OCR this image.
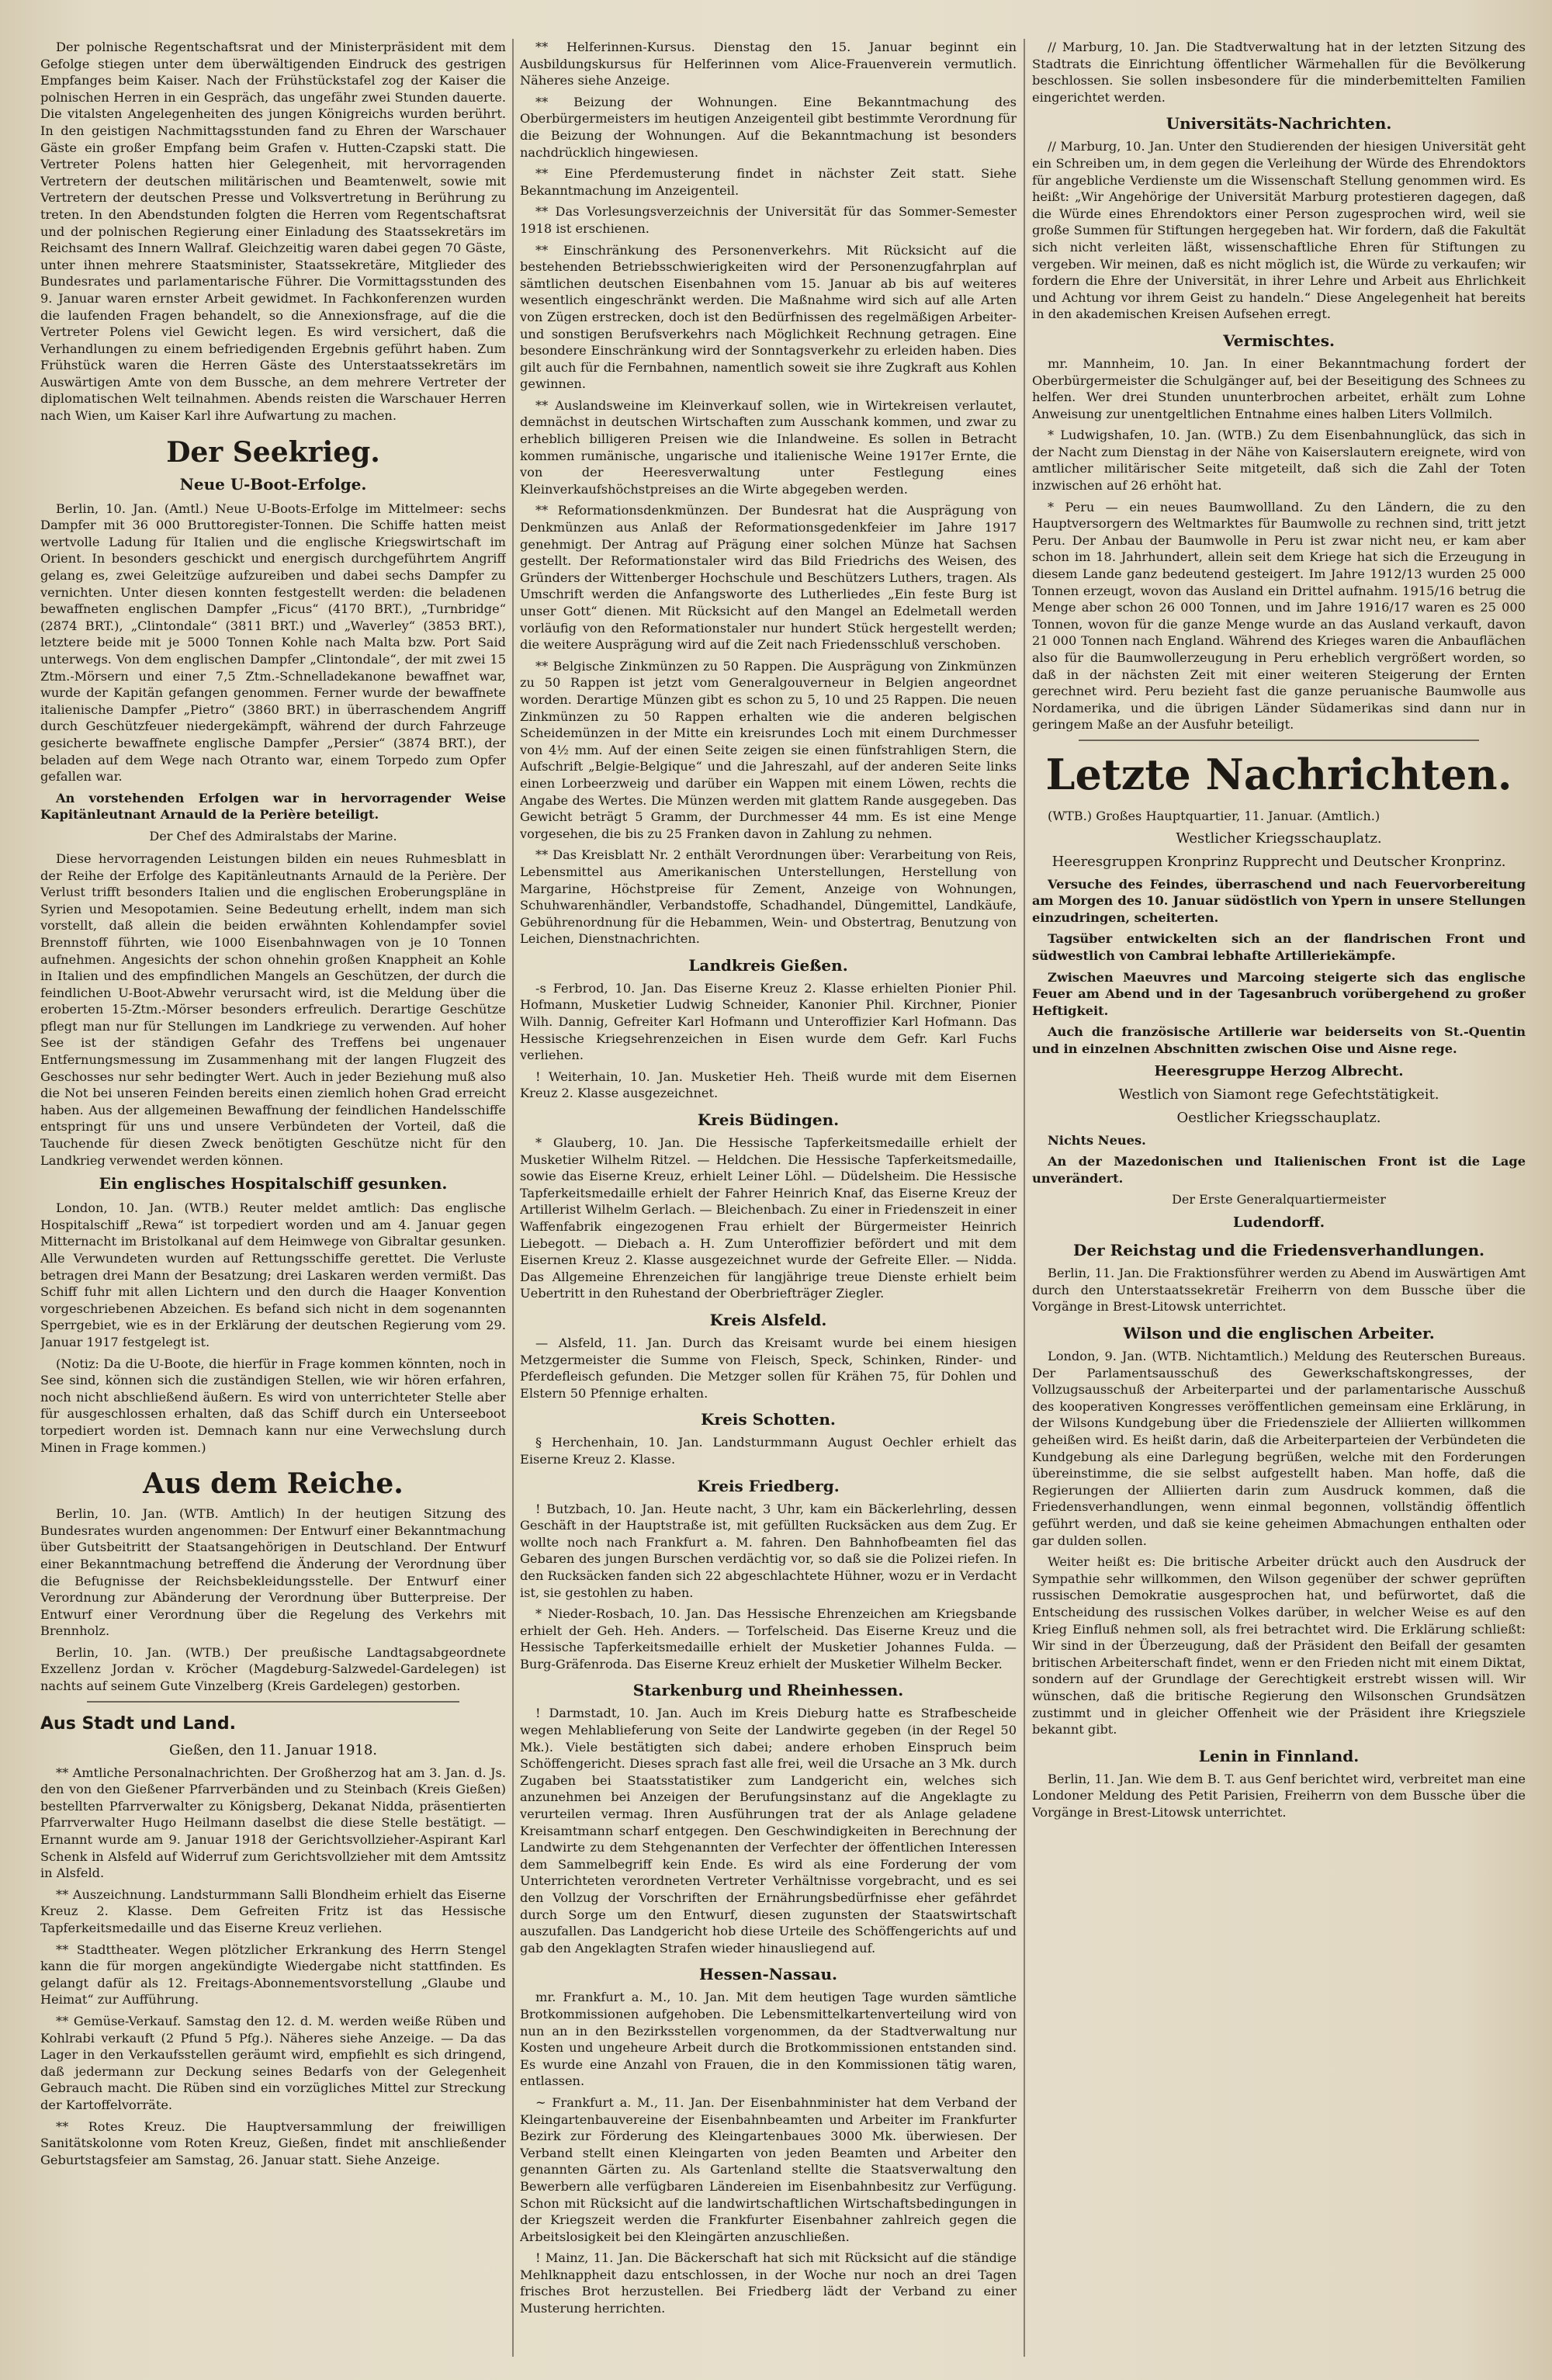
Der polnische Regentschaftsrat und der Ministerpräsident mit dem Gefolge stiegen unter dem überwältigenden Eindruck des gestrigen Empfanges beim Kaiser. Nach der Frühstückstafel zog der Kaiser die polnischen Herren in ein Gespräch, das ungefähr zwei Stunden dauerte. Die vitalsten Angelegenheiten des jungen Königreichs wurden berührt. In den geistigen Nachmittagsstunden fand zu Ehren der Warschauer Gäste ein großer Empfang beim Grafen v. Hutten-Czapski statt. Die Vertreter Polens hatten hier Gelegenheit, mit hervorragenden Vertretern der deutschen militärischen und Beamtenwelt, sowie mit Vertretern der deutschen Presse und Volksvertretung in Berührung zu treten. In den Abendstunden folgten die Herren vom Regentschaftsrat und der polnischen Regierung einer Einladung des Staatssekretärs im Reichsamt des Innern Wallraf. Gleichzeitig waren dabei gegen 70 Gäste, unter ihnen mehrere Staatsminister, Staatssekretäre, Mitglieder des Bundesrates und parlamentarische Führer. Die Vormittagsstunden des 9. Januar waren ernster Arbeit gewidmet. In Fachkonferenzen wurden die laufenden Fragen behandelt, so die Annexionsfrage, auf die die Vertreter Polens viel Gewicht legen. Es wird versichert, daß die Verhandlungen zu einem befriedigenden Ergebnis geführt haben. Zum Frühstück waren die Herren Gäste des Unterstaatssekretärs im Auswärtigen Amte von dem Bussche, an dem mehrere Vertreter der diplomatischen Welt teilnahmen. Abends reisten die Warschauer Herren nach Wien, um Kaiser Karl ihre Aufwartung zu machen.

Der Seekrieg.
Neue U-Boot-Erfolge.

Berlin, 10. Jan. (Amtl.) Neue U-Boots-Erfolge im Mittelmeer: sechs Dampfer mit 36 000 Bruttoregister-Tonnen. Die Schiffe hatten meist wertvolle Ladung für Italien und die englische Kriegswirtschaft im Orient. In besonders geschickt und energisch durchgeführtem Angriff gelang es, zwei Geleitzüge aufzureiben und dabei sechs Dampfer zu vernichten. Unter diesen konnten festgestellt werden: die beladenen bewaffneten englischen Dampfer „Ficus“ (4170 BRT.), „Turnbridge“ (2874 BRT.), „Clintondale“ (3811 BRT.) und „Waverley“ (3853 BRT.), letztere beide mit je 5000 Tonnen Kohle nach Malta bzw. Port Said unterwegs. Von dem englischen Dampfer „Clintondale“, der mit zwei 15 Ztm.-Mörsern und einer 7,5 Ztm.-Schnelladekanone bewaffnet war, wurde der Kapitän gefangen genommen. Ferner wurde der bewaffnete italienische Dampfer „Pietro“ (3860 BRT.) in überraschendem Angriff durch Geschützfeuer niedergekämpft, während der durch Fahrzeuge gesicherte bewaffnete englische Dampfer „Persier“ (3874 BRT.), der beladen auf dem Wege nach Otranto war, einem Torpedo zum Opfer gefallen war.

An vorstehenden Erfolgen war in hervorragender Weise Kapitänleutnant Arnauld de la Perière beteiligt.

Der Chef des Admiralstabs der Marine.

Diese hervorragenden Leistungen bilden ein neues Ruhmesblatt in der Reihe der Erfolge des Kapitänleutnants Arnauld de la Perière. Der Verlust trifft besonders Italien und die englischen Eroberungspläne in Syrien und Mesopotamien. Seine Bedeutung erhellt, indem man sich vorstellt, daß allein die beiden erwähnten Kohlendampfer soviel Brennstoff führten, wie 1000 Eisenbahnwagen von je 10 Tonnen aufnehmen. Angesichts der schon ohnehin großen Knappheit an Kohle in Italien und des empfindlichen Mangels an Geschützen, der durch die feindlichen U-Boot-Abwehr verursacht wird, ist die Meldung über die eroberten 15-Ztm.-Mörser besonders erfreulich. Derartige Geschütze pflegt man nur für Stellungen im Landkriege zu verwenden. Auf hoher See ist der ständigen Gefahr des Treffens bei ungenauer Entfernungsmessung im Zusammenhang mit der langen Flugzeit des Geschosses nur sehr bedingter Wert. Auch in jeder Beziehung muß also die Not bei unseren Feinden bereits einen ziemlich hohen Grad erreicht haben. Aus der allgemeinen Bewaffnung der feindlichen Handelsschiffe entspringt für uns und unsere Verbündeten der Vorteil, daß die Tauchende für diesen Zweck benötigten Geschütze nicht für den Landkrieg verwendet werden können.

Ein englisches Hospitalschiff gesunken.

London, 10. Jan. (WTB.) Reuter meldet amtlich: Das englische Hospitalschiff „Rewa“ ist torpediert worden und am 4. Januar gegen Mitternacht im Bristolkanal auf dem Heimwege von Gibraltar gesunken. Alle Verwundeten wurden auf Rettungsschiffe gerettet. Die Verluste betragen drei Mann der Besatzung; drei Laskaren werden vermißt. Das Schiff fuhr mit allen Lichtern und den durch die Haager Konvention vorgeschriebenen Abzeichen. Es befand sich nicht in dem sogenannten Sperrgebiet, wie es in der Erklärung der deutschen Regierung vom 29. Januar 1917 festgelegt ist.

(Notiz: Da die U-Boote, die hierfür in Frage kommen könnten, noch in See sind, können sich die zuständigen Stellen, wie wir hören erfahren, noch nicht abschließend äußern. Es wird von unterrichteter Stelle aber für ausgeschlossen erhalten, daß das Schiff durch ein Unterseeboot torpediert worden ist. Demnach kann nur eine Verwechslung durch Minen in Frage kommen.)

Aus dem Reiche.

Berlin, 10. Jan. (WTB. Amtlich) In der heutigen Sitzung des Bundesrates wurden angenommen: Der Entwurf einer Bekanntmachung über Gutsbeitritt der Staatsangehörigen in Deutschland. Der Entwurf einer Bekanntmachung betreffend die Änderung der Verordnung über die Befugnisse der Reichsbekleidungsstelle. Der Entwurf einer Verordnung zur Abänderung der Verordnung über Butterpreise. Der Entwurf einer Verordnung über die Regelung des Verkehrs mit Brennholz.

Berlin, 10. Jan. (WTB.) Der preußische Landtagsabgeordnete Exzellenz Jordan v. Kröcher (Magdeburg-Salzwedel-Gardelegen) ist nachts auf seinem Gute Vinzelberg (Kreis Gardelegen) gestorben.

Aus Stadt und Land.
Gießen, den 11. Januar 1918.

** Amtliche Personalnachrichten. Der Großherzog hat am 3. Jan. d. Js. den von den Gießener Pfarrverbänden und zu Steinbach (Kreis Gießen) bestellten Pfarrverwalter zu Königsberg, Dekanat Nidda, präsentierten Pfarrverwalter Hugo Heilmann daselbst die diese Stelle bestätigt. — Ernannt wurde am 9. Januar 1918 der Gerichtsvollzieher-Aspirant Karl Schenk in Alsfeld auf Widerruf zum Gerichtsvollzieher mit dem Amtssitz in Alsfeld.

** Auszeichnung. Landsturmmann Salli Blondheim erhielt das Eiserne Kreuz 2. Klasse. Dem Gefreiten Fritz ist das Hessische Tapferkeitsmedaille und das Eiserne Kreuz verliehen.

** Stadttheater. Wegen plötzlicher Erkrankung des Herrn Stengel kann die für morgen angekündigte Wiedergabe nicht stattfinden. Es gelangt dafür als 12. Freitags-Abonnementsvorstellung „Glaube und Heimat“ zur Aufführung.

** Gemüse-Verkauf. Samstag den 12. d. M. werden weiße Rüben und Kohlrabi verkauft (2 Pfund 5 Pfg.). Näheres siehe Anzeige. — Da das Lager in den Verkaufsstellen geräumt wird, empfiehlt es sich dringend, daß jedermann zur Deckung seines Bedarfs von der Gelegenheit Gebrauch macht. Die Rüben sind ein vorzügliches Mittel zur Streckung der Kartoffelvorräte.

** Rotes Kreuz. Die Hauptversammlung der freiwilligen Sanitätskolonne vom Roten Kreuz, Gießen, findet mit anschließender Geburtstagsfeier am Samstag, 26. Januar statt. Siehe Anzeige.

** Helferinnen-Kursus. Dienstag den 15. Januar beginnt ein Ausbildungskursus für Helferinnen vom Alice-Frauenverein vermutlich. Näheres siehe Anzeige.

** Beizung der Wohnungen. Eine Bekanntmachung des Oberbürgermeisters im heutigen Anzeigenteil gibt bestimmte Verordnung für die Beizung der Wohnungen. Auf die Bekanntmachung ist besonders nachdrücklich hingewiesen.

** Eine Pferdemusterung findet in nächster Zeit statt. Siehe Bekanntmachung im Anzeigenteil.

** Das Vorlesungsverzeichnis der Universität für das Sommer-Semester 1918 ist erschienen.

** Einschränkung des Personenverkehrs. Mit Rücksicht auf die bestehenden Betriebsschwierigkeiten wird der Personenzugfahrplan auf sämtlichen deutschen Eisenbahnen vom 15. Januar ab bis auf weiteres wesentlich eingeschränkt werden. Die Maßnahme wird sich auf alle Arten von Zügen erstrecken, doch ist den Bedürfnissen des regelmäßigen Arbeiter- und sonstigen Berufsverkehrs nach Möglichkeit Rechnung getragen. Eine besondere Einschränkung wird der Sonntagsverkehr zu erleiden haben. Dies gilt auch für die Fernbahnen, namentlich soweit sie ihre Zugkraft aus Kohlen gewinnen.

** Auslandsweine im Kleinverkauf sollen, wie in Wirtekreisen verlautet, demnächst in deutschen Wirtschaften zum Ausschank kommen, und zwar zu erheblich billigeren Preisen wie die Inlandweine. Es sollen in Betracht kommen rumänische, ungarische und italienische Weine 1917er Ernte, die von der Heeresverwaltung unter Festlegung eines Kleinverkaufshöchstpreises an die Wirte abgegeben werden.

** Reformationsdenkmünzen. Der Bundesrat hat die Ausprägung von Denkmünzen aus Anlaß der Reformationsgedenkfeier im Jahre 1917 genehmigt. Der Antrag auf Prägung einer solchen Münze hat Sachsen gestellt. Der Reformationstaler wird das Bild Friedrichs des Weisen, des Gründers der Wittenberger Hochschule und Beschützers Luthers, tragen. Als Umschrift werden die Anfangsworte des Lutherliedes „Ein feste Burg ist unser Gott“ dienen. Mit Rücksicht auf den Mangel an Edelmetall werden vorläufig von den Reformationstaler nur hundert Stück hergestellt werden; die weitere Ausprägung wird auf die Zeit nach Friedensschluß verschoben.

** Belgische Zinkmünzen zu 50 Rappen. Die Ausprägung von Zinkmünzen zu 50 Rappen ist jetzt vom Generalgouverneur in Belgien angeordnet worden. Derartige Münzen gibt es schon zu 5, 10 und 25 Rappen. Die neuen Zinkmünzen zu 50 Rappen erhalten wie die anderen belgischen Scheidemünzen in der Mitte ein kreisrundes Loch mit einem Durchmesser von 4½ mm. Auf der einen Seite zeigen sie einen fünfstrahligen Stern, die Aufschrift „Belgie-Belgique“ und die Jahreszahl, auf der anderen Seite links einen Lorbeerzweig und darüber ein Wappen mit einem Löwen, rechts die Angabe des Wertes. Die Münzen werden mit glattem Rande ausgegeben. Das Gewicht beträgt 5 Gramm, der Durchmesser 44 mm. Es ist eine Menge vorgesehen, die bis zu 25 Franken davon in Zahlung zu nehmen.

** Das Kreisblatt Nr. 2 enthält Verordnungen über: Verarbeitung von Reis, Lebensmittel aus Amerikanischen Unterstellungen, Herstellung von Margarine, Höchstpreise für Zement, Anzeige von Wohnungen, Schuhwarenhändler, Verbandstoffe, Schadhandel, Düngemittel, Landkäufe, Gebührenordnung für die Hebammen, Wein- und Obstertrag, Benutzung von Leichen, Dienstnachrichten.

Landkreis Gießen.

-s Ferbrod, 10. Jan. Das Eiserne Kreuz 2. Klasse erhielten Pionier Phil. Hofmann, Musketier Ludwig Schneider, Kanonier Phil. Kirchner, Pionier Wilh. Dannig, Gefreiter Karl Hofmann und Unteroffizier Karl Hofmann. Das Hessische Kriegsehrenzeichen in Eisen wurde dem Gefr. Karl Fuchs verliehen.

! Weiterhain, 10. Jan. Musketier Heh. Theiß wurde mit dem Eisernen Kreuz 2. Klasse ausgezeichnet.

Kreis Büdingen.

* Glauberg, 10. Jan. Die Hessische Tapferkeitsmedaille erhielt der Musketier Wilhelm Ritzel. — Heldchen. Die Hessische Tapferkeitsmedaille, sowie das Eiserne Kreuz, erhielt Leiner Löhl. — Düdelsheim. Die Hessische Tapferkeitsmedaille erhielt der Fahrer Heinrich Knaf, das Eiserne Kreuz der Artillerist Wilhelm Gerlach. — Bleichenbach. Zu einer in Friedenszeit in einer Waffenfabrik eingezogenen Frau erhielt der Bürgermeister Heinrich Liebegott. — Diebach a. H. Zum Unteroffizier befördert und mit dem Eisernen Kreuz 2. Klasse ausgezeichnet wurde der Gefreite Eller. — Nidda. Das Allgemeine Ehrenzeichen für langjährige treue Dienste erhielt beim Uebertritt in den Ruhestand der Oberbriefträger Ziegler.

Kreis Alsfeld.

— Alsfeld, 11. Jan. Durch das Kreisamt wurde bei einem hiesigen Metzgermeister die Summe von Fleisch, Speck, Schinken, Rinder- und Pferdefleisch gefunden. Die Metzger sollen für Krähen 75, für Dohlen und Elstern 50 Pfennige erhalten.

Kreis Schotten.

§ Herchenhain, 10. Jan. Landsturmmann August Oechler erhielt das Eiserne Kreuz 2. Klasse.

Kreis Friedberg.

! Butzbach, 10. Jan. Heute nacht, 3 Uhr, kam ein Bäckerlehrling, dessen Geschäft in der Hauptstraße ist, mit gefüllten Rucksäcken aus dem Zug. Er wollte noch nach Frankfurt a. M. fahren. Den Bahnhofbeamten fiel das Gebaren des jungen Burschen verdächtig vor, so daß sie die Polizei riefen. In den Rucksäcken fanden sich 22 abgeschlachtete Hühner, wozu er in Verdacht ist, sie gestohlen zu haben.

* Nieder-Rosbach, 10. Jan. Das Hessische Ehrenzeichen am Kriegsbande erhielt der Geh. Heh. Anders. — Torfelscheid. Das Eiserne Kreuz und die Hessische Tapferkeitsmedaille erhielt der Musketier Johannes Fulda. — Burg-Gräfenroda. Das Eiserne Kreuz erhielt der Musketier Wilhelm Becker.

Starkenburg und Rheinhessen.

! Darmstadt, 10. Jan. Auch im Kreis Dieburg hatte es Strafbescheide wegen Mehlablieferung von Seite der Landwirte gegeben (in der Regel 50 Mk.). Viele bestätigten sich dabei; andere erhoben Einspruch beim Schöffengericht. Dieses sprach fast alle frei, weil die Ursache an 3 Mk. durch Zugaben bei Staatsstatistiker zum Landgericht ein, welches sich anzunehmen bei Anzeigen der Berufungsinstanz auf die Angeklagte zu verurteilen vermag. Ihren Ausführungen trat der als Anlage geladene Kreisamtmann scharf entgegen. Den Geschwindigkeiten in Berechnung der Landwirte zu dem Stehgenannten der Verfechter der öffentlichen Interessen dem Sammelbegriff kein Ende. Es wird als eine Forderung der vom Unterrichteten verordneten Vertreter Verhältnisse vorgebracht, und es sei den Vollzug der Vorschriften der Ernährungsbedürfnisse eher gefährdet durch Sorge um den Entwurf, diesen zugunsten der Staatswirtschaft auszufallen. Das Landgericht hob diese Urteile des Schöffengerichts auf und gab den Angeklagten Strafen wieder hinausliegend auf.

Hessen-Nassau.

mr. Frankfurt a. M., 10. Jan. Mit dem heutigen Tage wurden sämtliche Brotkommissionen aufgehoben. Die Lebensmittelkartenverteilung wird von nun an in den Bezirksstellen vorgenommen, da der Stadtverwaltung nur Kosten und ungeheure Arbeit durch die Brotkommissionen entstanden sind. Es wurde eine Anzahl von Frauen, die in den Kommissionen tätig waren, entlassen.

~ Frankfurt a. M., 11. Jan. Der Eisenbahnminister hat dem Verband der Kleingartenbauvereine der Eisenbahnbeamten und Arbeiter im Frankfurter Bezirk zur Förderung des Kleingartenbaues 3000 Mk. überwiesen. Der Verband stellt einen Kleingarten von jeden Beamten und Arbeiter den genannten Gärten zu. Als Gartenland stellte die Staatsverwaltung den Bewerbern alle verfügbaren Ländereien im Eisenbahnbesitz zur Verfügung. Schon mit Rücksicht auf die landwirtschaftlichen Wirtschaftsbedingungen in der Kriegszeit werden die Frankfurter Eisenbahner zahlreich gegen die Arbeitslosigkeit bei den Kleingärten anzuschließen.

! Mainz, 11. Jan. Die Bäckerschaft hat sich mit Rücksicht auf die ständige Mehlknappheit dazu entschlossen, in der Woche nur noch an drei Tagen frisches Brot herzustellen. Bei Friedberg lädt der Verband zu einer Musterung herrichten.

// Marburg, 10. Jan. Die Stadtverwaltung hat in der letzten Sitzung des Stadtrats die Einrichtung öffentlicher Wärmehallen für die Bevölkerung beschlossen. Sie sollen insbesondere für die minderbemittelten Familien eingerichtet werden.

Universitäts-Nachrichten.

// Marburg, 10. Jan. Unter den Studierenden der hiesigen Universität geht ein Schreiben um, in dem gegen die Verleihung der Würde des Ehrendoktors für angebliche Verdienste um die Wissenschaft Stellung genommen wird. Es heißt: „Wir Angehörige der Universität Marburg protestieren dagegen, daß die Würde eines Ehrendoktors einer Person zugesprochen wird, weil sie große Summen für Stiftungen hergegeben hat. Wir fordern, daß die Fakultät sich nicht verleiten läßt, wissenschaftliche Ehren für Stiftungen zu vergeben. Wir meinen, daß es nicht möglich ist, die Würde zu verkaufen; wir fordern die Ehre der Universität, in ihrer Lehre und Arbeit aus Ehrlichkeit und Achtung vor ihrem Geist zu handeln.“ Diese Angelegenheit hat bereits in den akademischen Kreisen Aufsehen erregt.

Vermischtes.

mr. Mannheim, 10. Jan. In einer Bekanntmachung fordert der Oberbürgermeister die Schulgänger auf, bei der Beseitigung des Schnees zu helfen. Wer drei Stunden ununterbrochen arbeitet, erhält zum Lohne Anweisung zur unentgeltlichen Entnahme eines halben Liters Vollmilch.

* Ludwigshafen, 10. Jan. (WTB.) Zu dem Eisenbahnunglück, das sich in der Nacht zum Dienstag in der Nähe von Kaiserslautern ereignete, wird von amtlicher militärischer Seite mitgeteilt, daß sich die Zahl der Toten inzwischen auf 26 erhöht hat.

* Peru — ein neues Baumwollland. Zu den Ländern, die zu den Hauptversorgern des Weltmarktes für Baumwolle zu rechnen sind, tritt jetzt Peru. Der Anbau der Baumwolle in Peru ist zwar nicht neu, er kam aber schon im 18. Jahrhundert, allein seit dem Kriege hat sich die Erzeugung in diesem Lande ganz bedeutend gesteigert. Im Jahre 1912/13 wurden 25 000 Tonnen erzeugt, wovon das Ausland ein Drittel aufnahm. 1915/16 betrug die Menge aber schon 26 000 Tonnen, und im Jahre 1916/17 waren es 25 000 Tonnen, wovon für die ganze Menge wurde an das Ausland verkauft, davon 21 000 Tonnen nach England. Während des Krieges waren die Anbauflächen also für die Baumwollerzeugung in Peru erheblich vergrößert worden, so daß in der nächsten Zeit mit einer weiteren Steigerung der Ernten gerechnet wird. Peru bezieht fast die ganze peruanische Baumwolle aus Nordamerika, und die übrigen Länder Südamerikas sind dann nur in geringem Maße an der Ausfuhr beteiligt.

Letzte Nachrichten.

(WTB.) Großes Hauptquartier, 11. Januar. (Amtlich.)

Westlicher Kriegsschauplatz.
Heeresgruppen Kronprinz Rupprecht und Deutscher Kronprinz.

Versuche des Feindes, überraschend und nach Feuervorbereitung am Morgen des 10. Januar südöstlich von Ypern in unsere Stellungen einzudringen, scheiterten.

Tagsüber entwickelten sich an der flandrischen Front und südwestlich von Cambrai lebhafte Artilleriekämpfe.

Zwischen Maeuvres und Marcoing steigerte sich das englische Feuer am Abend und in der Tagesanbruch vorübergehend zu großer Heftigkeit.

Auch die französische Artillerie war beiderseits von St.-Quentin und in einzelnen Abschnitten zwischen Oise und Aisne rege.

Heeresgruppe Herzog Albrecht.
Westlich von Siamont rege Gefechtstätigkeit.
Oestlicher Kriegsschauplatz.

Nichts Neues.

An der Mazedonischen und Italienischen Front ist die Lage unverändert.

Der Erste Generalquartiermeister
Ludendorff.
Der Reichstag und die Friedensverhandlungen.

Berlin, 11. Jan. Die Fraktionsführer werden zu Abend im Auswärtigen Amt durch den Unterstaatssekretär Freiherrn von dem Bussche über die Vorgänge in Brest-Litowsk unterrichtet.

Wilson und die englischen Arbeiter.

London, 9. Jan. (WTB. Nichtamtlich.) Meldung des Reuterschen Bureaus. Der Parlamentsausschuß des Gewerkschaftskongresses, der Vollzugsausschuß der Arbeiterpartei und der parlamentarische Ausschuß des kooperativen Kongresses veröffentlichen gemeinsam eine Erklärung, in der Wilsons Kundgebung über die Friedensziele der Alliierten willkommen geheißen wird. Es heißt darin, daß die Arbeiterparteien der Verbündeten die Kundgebung als eine Darlegung begrüßen, welche mit den Forderungen übereinstimme, die sie selbst aufgestellt haben. Man hoffe, daß die Regierungen der Alliierten darin zum Ausdruck kommen, daß die Friedensverhandlungen, wenn einmal begonnen, vollständig öffentlich geführt werden, und daß sie keine geheimen Abmachungen enthalten oder gar dulden sollen.

Weiter heißt es: Die britische Arbeiter drückt auch den Ausdruck der Sympathie sehr willkommen, den Wilson gegenüber der schwer geprüften russischen Demokratie ausgesprochen hat, und befürwortet, daß die Entscheidung des russischen Volkes darüber, in welcher Weise es auf den Krieg Einfluß nehmen soll, als frei betrachtet wird. Die Erklärung schließt: Wir sind in der Überzeugung, daß der Präsident den Beifall der gesamten britischen Arbeiterschaft findet, wenn er den Frieden nicht mit einem Diktat, sondern auf der Grundlage der Gerechtigkeit erstrebt wissen will. Wir wünschen, daß die britische Regierung den Wilsonschen Grundsätzen zustimmt und in gleicher Offenheit wie der Präsident ihre Kriegsziele bekannt gibt.

Lenin in Finnland.

Berlin, 11. Jan. Wie dem B. T. aus Genf berichtet wird, verbreitet man eine Londoner Meldung des Petit Parisien, Freiherrn von dem Bussche über die Vorgänge in Brest-Litowsk unterrichtet.
